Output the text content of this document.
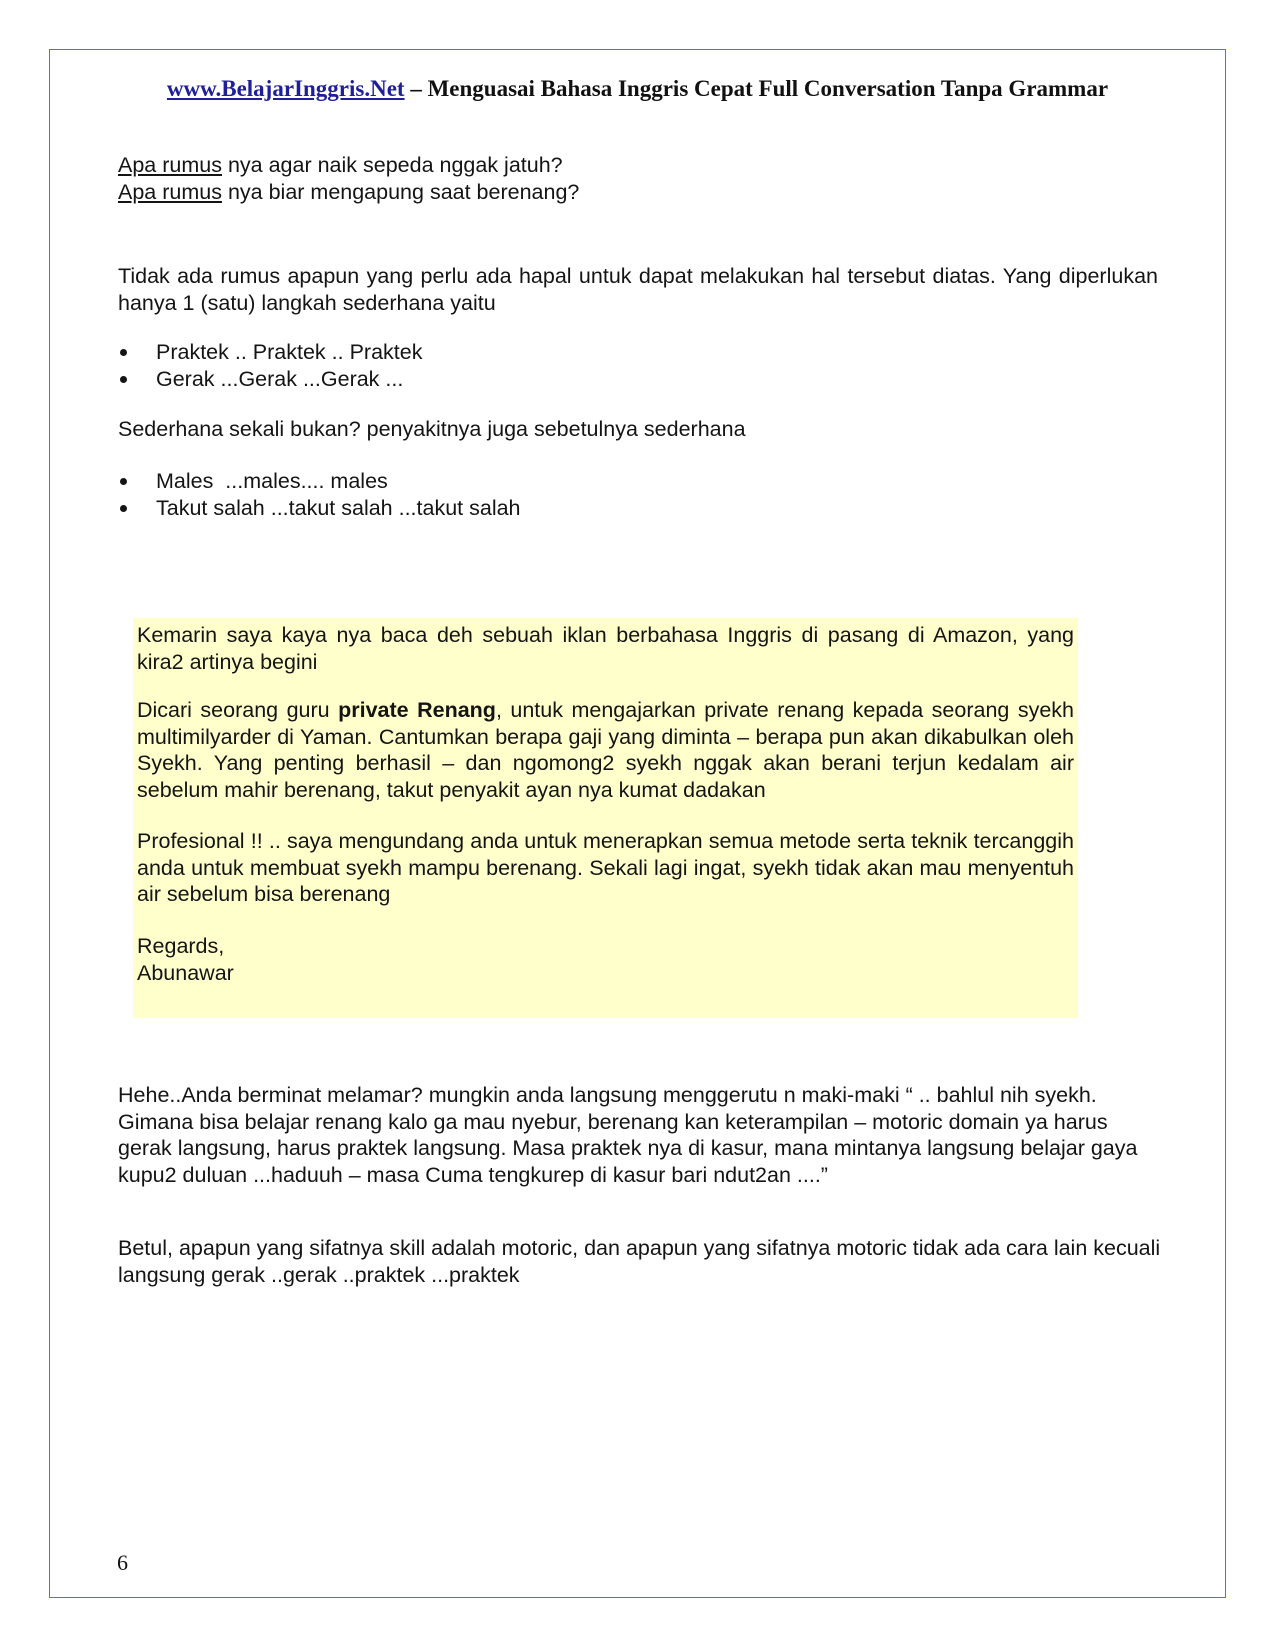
www.BelajarInggris.Net – Menguasai Bahasa Inggris Cepat Full Conversation Tanpa Grammar
Apa rumus nya agar naik sepeda nggak jatuh?
Apa rumus nya biar mengapung saat berenang?

Tidak ada rumus apapun yang perlu ada hapal untuk dapat melakukan hal tersebut diatas. Yang diperlukan hanya 1 (satu) langkah sederhana yaitu

Praktek .. Praktek .. Praktek
Gerak ...Gerak ...Gerak ...

Sederhana sekali bukan? penyakitnya juga sebetulnya sederhana

Males  ...males.... males
Takut salah ...takut salah ...takut salah

Kemarin saya kaya nya baca deh sebuah iklan berbahasa Inggris di pasang di Amazon, yang kira2 artinya begini

Dicari seorang guru private Renang, untuk mengajarkan private renang kepada seorang syekh multimilyarder di Yaman. Cantumkan berapa gaji yang diminta – berapa pun akan dikabulkan oleh Syekh. Yang penting berhasil – dan ngomong2 syekh nggak akan berani terjun kedalam air sebelum mahir berenang, takut penyakit ayan nya kumat dadakan

Profesional !! .. saya mengundang anda untuk menerapkan semua metode serta teknik tercanggih anda untuk membuat syekh mampu berenang. Sekali lagi ingat, syekh tidak akan mau menyentuh air sebelum bisa berenang

Regards,
Abunawar

Hehe..Anda berminat melamar? mungkin anda langsung menggerutu n maki-maki “ .. bahlul nih syekh. Gimana bisa belajar renang kalo ga mau nyebur, berenang kan keterampilan – motoric domain ya harus gerak langsung, harus praktek langsung. Masa praktek nya di kasur, mana mintanya langsung belajar gaya kupu2 duluan ...haduuh – masa Cuma tengkurep di kasur bari ndut2an ....”

Betul, apapun yang sifatnya skill adalah motoric, dan apapun yang sifatnya motoric tidak ada cara lain kecuali langsung gerak ..gerak ..praktek ...praktek

6
